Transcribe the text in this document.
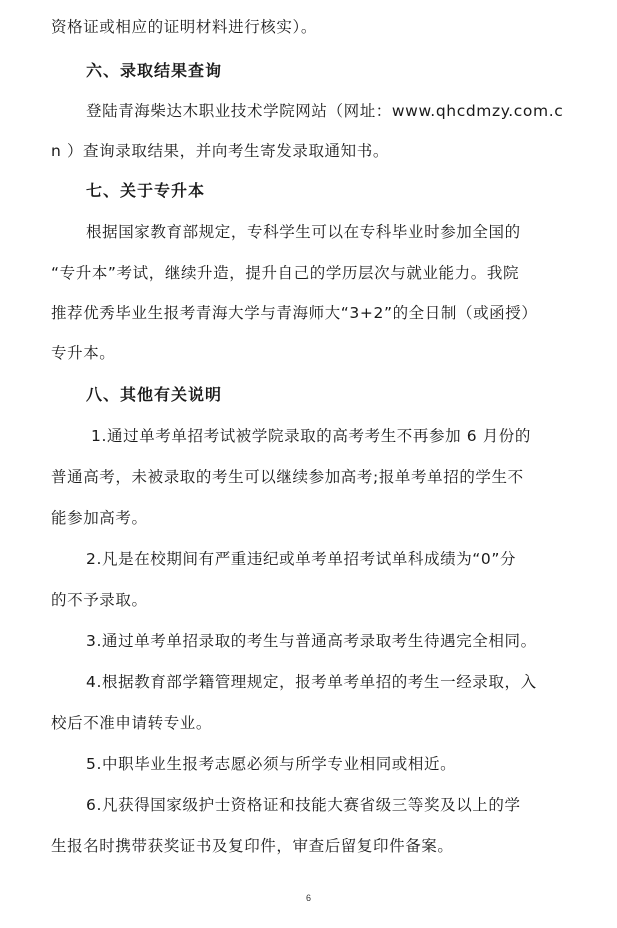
资格证或相应的证明材料进行核实）。
六、录取结果查询
登陆青海柴达木职业技术学院网站（网址：www.qhcdmzy.com.c
n ）查询录取结果，并向考生寄发录取通知书。
七、关于专升本
根据国家教育部规定，专科学生可以在专科毕业时参加全国的
“专升本”考试，继续升造，提升自己的学历层次与就业能力。我院
推荐优秀毕业生报考青海大学与青海师大“3+2”的全日制（或函授）
专升本。
八、其他有关说明
1.通过单考单招考试被学院录取的高考考生不再参加 6 月份的
普通高考，未被录取的考生可以继续参加高考;报单考单招的学生不
能参加高考。
2.凡是在校期间有严重违纪或单考单招考试单科成绩为“0”分
的不予录取。
3.通过单考单招录取的考生与普通高考录取考生待遇完全相同。
4.根据教育部学籍管理规定，报考单考单招的考生一经录取，入
校后不准申请转专业。
5.中职毕业生报考志愿必须与所学专业相同或相近。
6.凡获得国家级护士资格证和技能大赛省级三等奖及以上的学
生报名时携带获奖证书及复印件，审查后留复印件备案。
6
